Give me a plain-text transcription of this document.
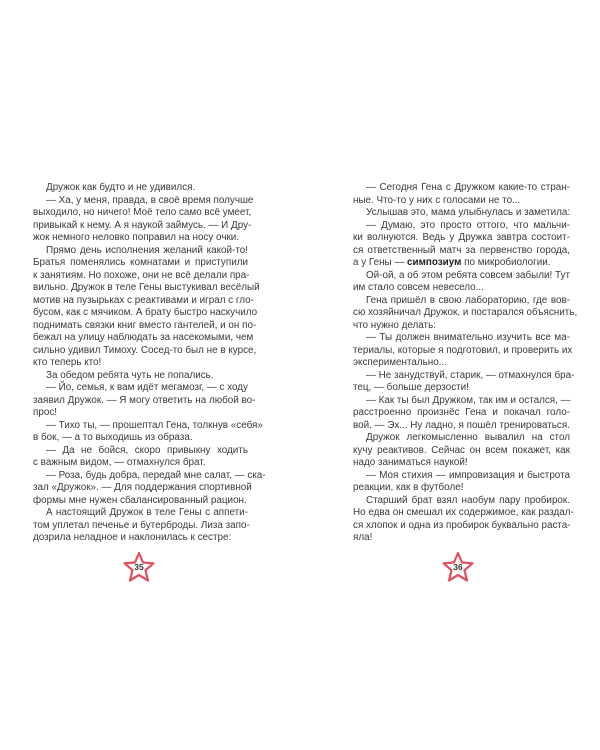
Дружок как будто и не удивился.
— Ха, у меня, правда, в своё время получше
выходило, но ничего! Моё тело само всё умеет,
привыкай к нему. А я наукой займусь. — И Дру-
жок немного неловко поправил на носу очки.
Прямо день исполнения желаний какой-то!
Братья поменялись комнатами и приступили
к занятиям. Но похоже, они не всё делали пра-
вильно. Дружок в теле Гены выстукивал весёлый
мотив на пузырьках с реактивами и играл с гло-
бусом, как с мячиком. А брату быстро наскучило
поднимать связки книг вместо гантелей, и он по-
бежал на улицу наблюдать за насекомыми, чем
сильно удивил Тимоху. Сосед-то был не в курсе,
кто теперь кто!
За обедом ребята чуть не попались.
— Йо, семья, к вам идёт мегамозг, — с ходу
заявил Дружок. — Я могу ответить на любой во-
прос!
— Тихо ты, — прошептал Гена, толкнув «себя»
в бок, — а то выходишь из образа.
— Да не бойся, скоро привыкну ходить
с важным видом, — отмахнулся брат.
— Роза, будь добра, передай мне салат, — ска-
зал «Дружок». — Для поддержания спортивной
формы мне нужен сбалансированный рацион.
А настоящий Дружок в теле Гены с аппети-
том уплетал печенье и бутерброды. Лиза запо-
дозрила неладное и наклонилась к сестре:
— Сегодня Гена с Дружком какие-то стран-
ные. Что-то у них с голосами не то...
Услышав это, мама улыбнулась и заметила:
— Думаю, это просто оттого, что мальчи-
ки волнуются. Ведь у Дружка завтра состоит-
ся ответственный матч за первенство города,
а у Гены — симпозиум по микробиологии.
Ой-ой, а об этом ребята совсем забыли! Тут
им стало совсем невесело...
Гена пришёл в свою лабораторию, где вов-
сю хозяйничал Дружок, и постарался объяснить,
что нужно делать:
— Ты должен внимательно изучить все ма-
териалы, которые я подготовил, и проверить их
экспериментально...
— Не занудствуй, старик, — отмахнулся бра-
тец, — больше дерзости!
— Как ты был Дружком, так им и остался, —
расстроенно произнёс Гена и покачал голо-
вой. — Эх... Ну ладно, я пошёл тренироваться.
Дружок легкомысленно вывалил на стол
кучу реактивов. Сейчас он всем покажет, как
надо заниматься наукой!
— Моя стихия — импровизация и быстрота
реакции, как в футболе!
Старший брат взял наобум пару пробирок.
Но едва он смешал их содержимое, как раздал-
ся хлопок и одна из пробирок буквально раста-
яла!
35	36
